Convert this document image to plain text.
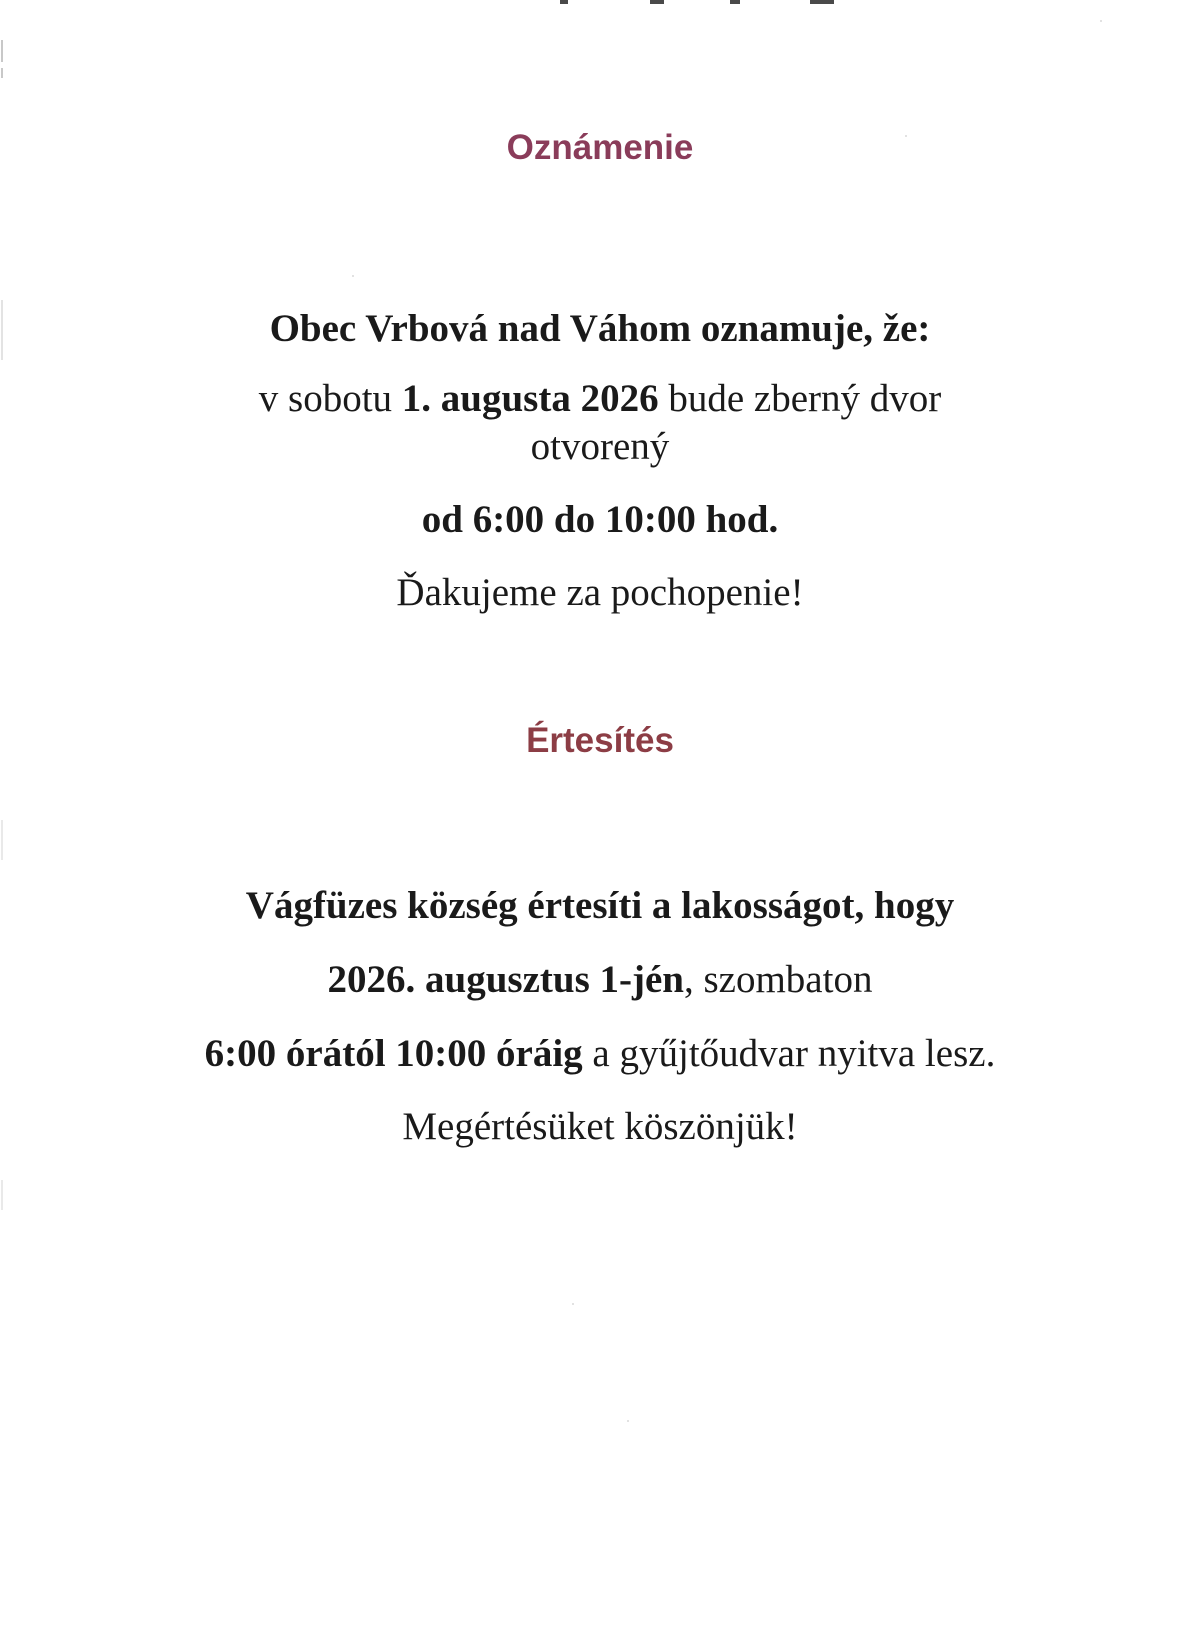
Oznámenie
Obec Vrbová nad Váhom oznamuje, že:
v sobotu 1. augusta 2026 bude zberný dvor
otvorený
od 6:00 do 10:00 hod.
Ďakujeme za pochopenie!
Értesítés
Vágfüzes község értesíti a lakosságot, hogy
2026. augusztus 1-jén, szombaton
6:00 órától 10:00 óráig a gyűjtőudvar nyitva lesz.
Megértésüket köszönjük!
